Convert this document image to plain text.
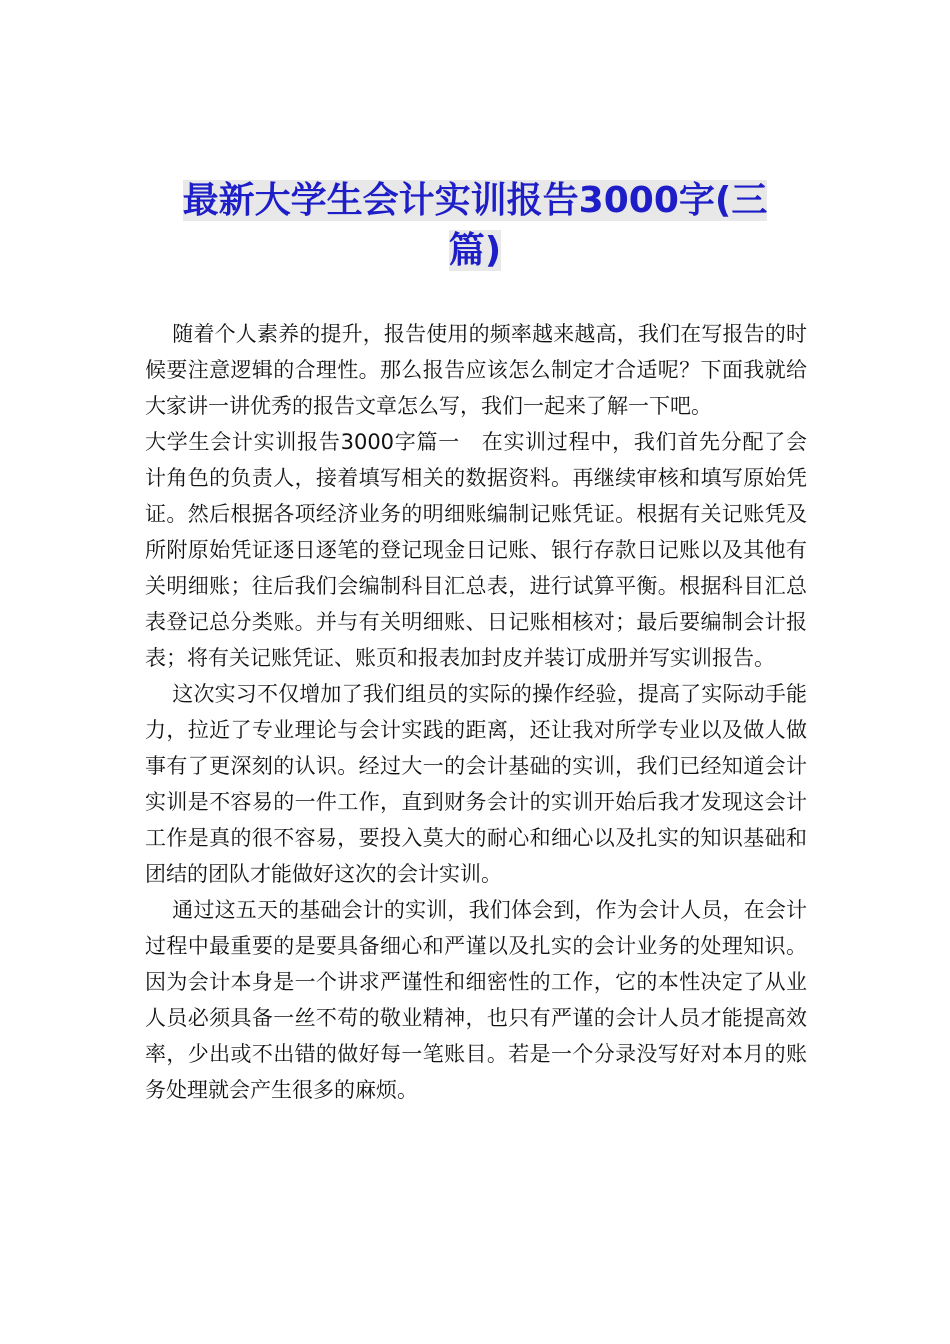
最新大学生会计实训报告3000字(三
篇)

随着个人素养的提升，报告使用的频率越来越高，我们在写报告的时候要注意逻辑的合理性。那么报告应该怎么制定才合适呢？下面我就给大家讲一讲优秀的报告文章怎么写，我们一起来了解一下吧。

大学生会计实训报告3000字篇一　在实训过程中，我们首先分配了会计角色的负责人，接着填写相关的数据资料。再继续审核和填写原始凭证。然后根据各项经济业务的明细账编制记账凭证。根据有关记账凭及所附原始凭证逐日逐笔的登记现金日记账、银行存款日记账以及其他有关明细账；往后我们会编制科目汇总表，进行试算平衡。根据科目汇总表登记总分类账。并与有关明细账、日记账相核对；最后要编制会计报表；将有关记账凭证、账页和报表加封皮并装订成册并写实训报告。

这次实习不仅增加了我们组员的实际的操作经验，提高了实际动手能力，拉近了专业理论与会计实践的距离，还让我对所学专业以及做人做事有了更深刻的认识。经过大一的会计基础的实训，我们已经知道会计实训是不容易的一件工作，直到财务会计的实训开始后我才发现这会计工作是真的很不容易，要投入莫大的耐心和细心以及扎实的知识基础和团结的团队才能做好这次的会计实训。

通过这五天的基础会计的实训，我们体会到，作为会计人员，在会计过程中最重要的是要具备细心和严谨以及扎实的会计业务的处理知识。因为会计本身是一个讲求严谨性和细密性的工作，它的本性决定了从业人员必须具备一丝不苟的敬业精神，也只有严谨的会计人员才能提高效率，少出或不出错的做好每一笔账目。若是一个分录没写好对本月的账务处理就会产生很多的麻烦。
